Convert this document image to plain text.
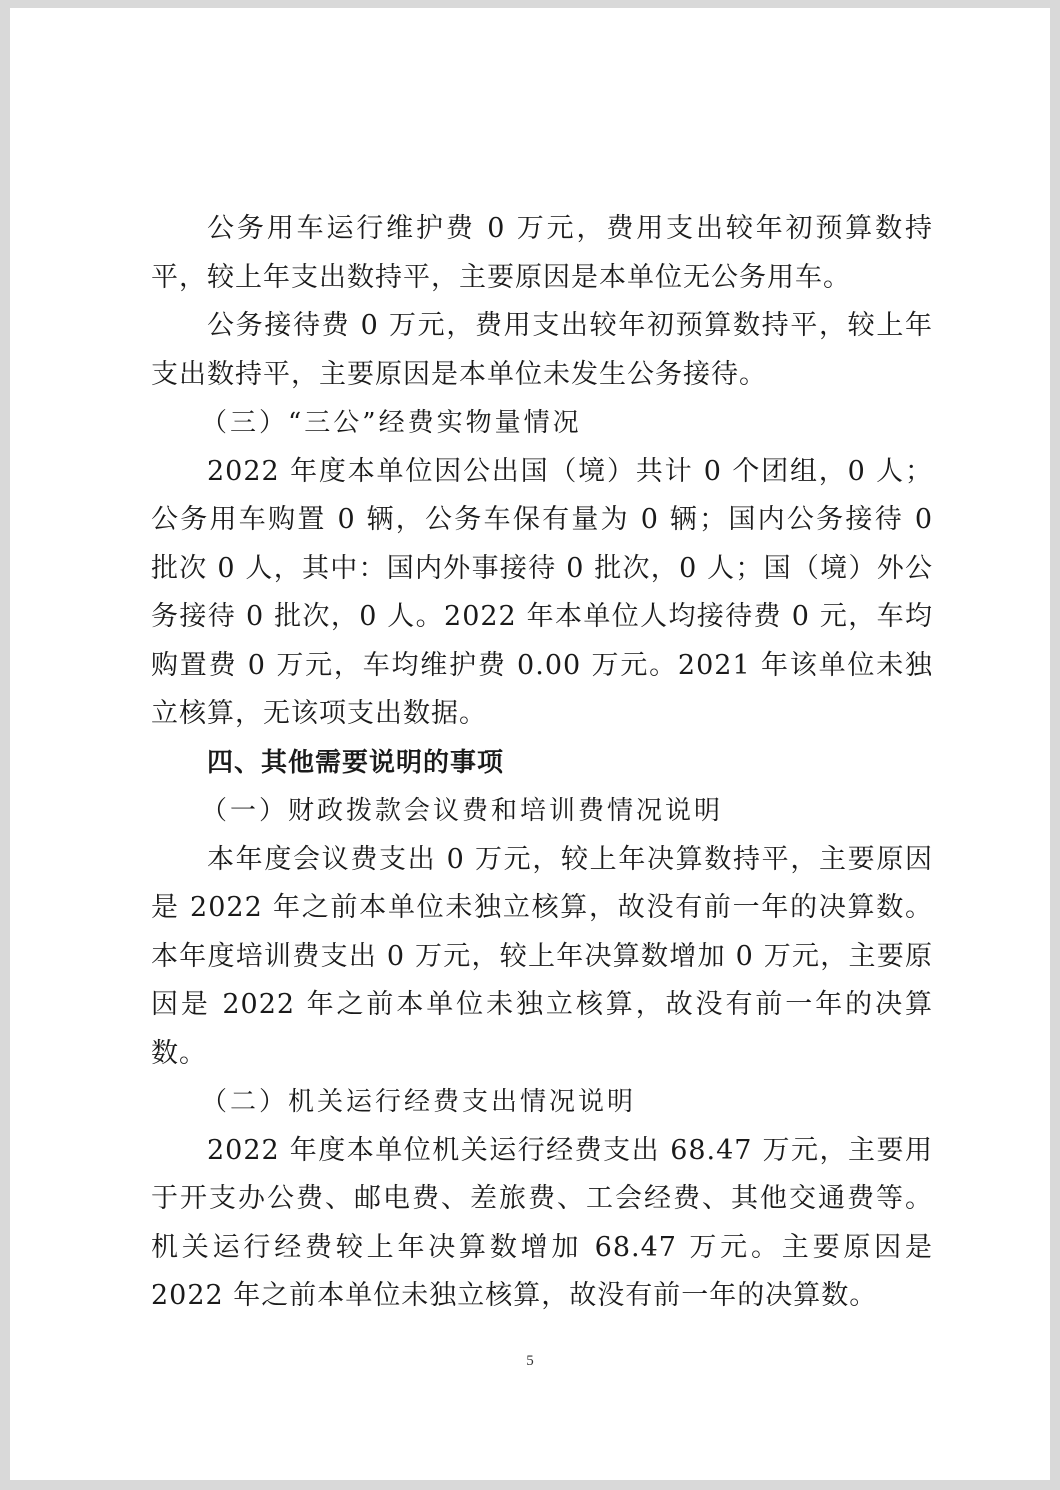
公务用车运行维护费 0 万元，费用支出较年初预算数持平，较上年支出数持平，主要原因是本单位无公务用车。

公务接待费 0 万元，费用支出较年初预算数持平，较上年支出数持平，主要原因是本单位未发生公务接待。

（三）“三公”经费实物量情况

2022 年度本单位因公出国（境）共计 0 个团组，0 人；公务用车购置 0 辆，公务车保有量为 0 辆；国内公务接待 0 批次 0 人，其中：国内外事接待 0 批次，0 人；国（境）外公务接待 0 批次，0 人。2022 年本单位人均接待费 0 元，车均购置费 0 万元，车均维护费 0.00 万元。2021 年该单位未独立核算，无该项支出数据。

四、其他需要说明的事项

（一）财政拨款会议费和培训费情况说明

本年度会议费支出 0 万元，较上年决算数持平，主要原因是 2022 年之前本单位未独立核算，故没有前一年的决算数。本年度培训费支出 0 万元，较上年决算数增加 0 万元，主要原因是 2022 年之前本单位未独立核算，故没有前一年的决算数。

（二）机关运行经费支出情况说明

2022 年度本单位机关运行经费支出 68.47 万元，主要用于开支办公费、邮电费、差旅费、工会经费、其他交通费等。机关运行经费较上年决算数增加 68.47 万元。主要原因是 2022 年之前本单位未独立核算，故没有前一年的决算数。

5
